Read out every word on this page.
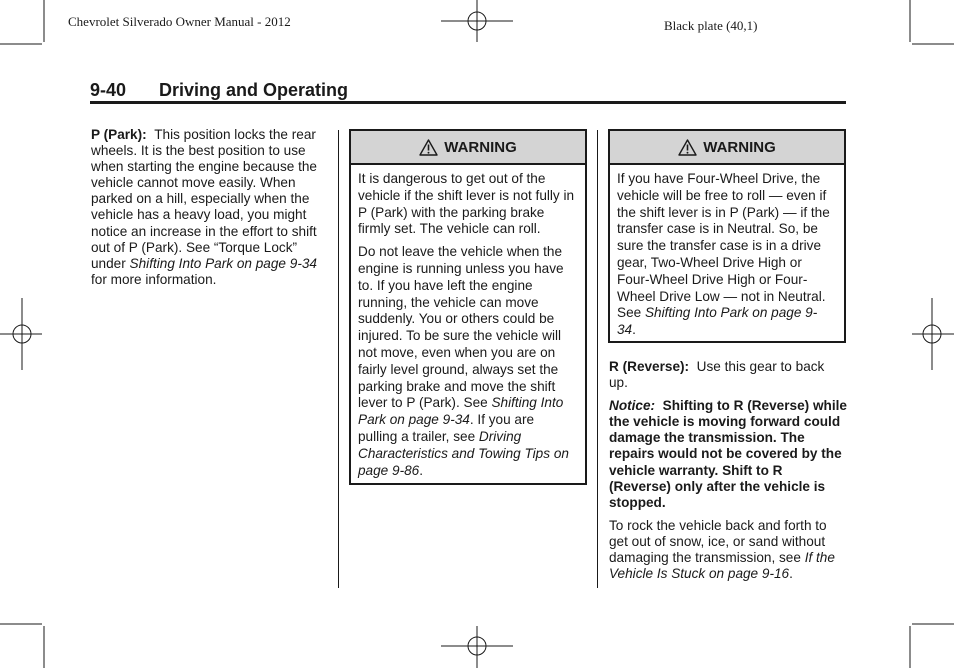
Chevrolet Silverado Owner Manual - 2012	Black plate (40,1)
9-40 Driving and Operating

P (Park): This position locks the rear wheels. It is the best position to use when starting the engine because the vehicle cannot move easily. When parked on a hill, especially when the vehicle has a heavy load, you might notice an increase in the effort to shift out of P (Park). See “Torque Lock” under Shifting Into Park on page 9-34 for more information.

WARNING

It is dangerous to get out of the vehicle if the shift lever is not fully in P (Park) with the parking brake firmly set. The vehicle can roll.

Do not leave the vehicle when the engine is running unless you have to. If you have left the engine running, the vehicle can move suddenly. You or others could be injured. To be sure the vehicle will not move, even when you are on fairly level ground, always set the parking brake and move the shift lever to P (Park). See Shifting Into Park on page 9-34. If you are pulling a trailer, see Driving Characteristics and Towing Tips on page 9-86.

WARNING

If you have Four-Wheel Drive, the vehicle will be free to roll — even if the shift lever is in P (Park) — if the transfer case is in Neutral. So, be sure the transfer case is in a drive gear, Two-Wheel Drive High or Four-Wheel Drive High or Four-Wheel Drive Low — not in Neutral. See Shifting Into Park on page 9-34.

R (Reverse): Use this gear to back up.

Notice: Shifting to R (Reverse) while the vehicle is moving forward could damage the transmission. The repairs would not be covered by the vehicle warranty. Shift to R (Reverse) only after the vehicle is stopped.

To rock the vehicle back and forth to get out of snow, ice, or sand without damaging the transmission, see If the Vehicle Is Stuck on page 9-16.
